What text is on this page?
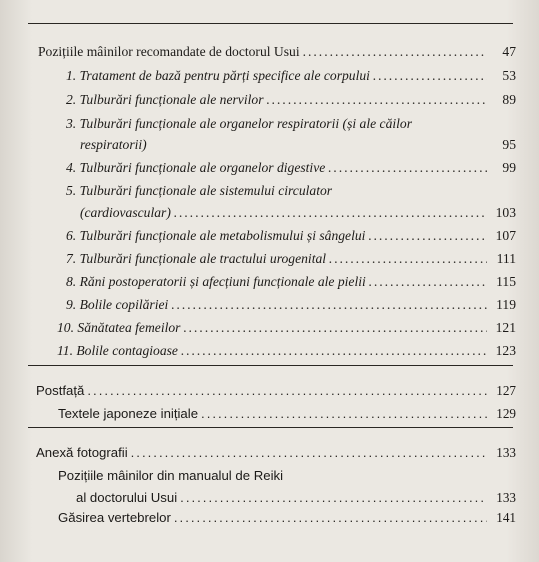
Pozițiile mâinilor recomandate de doctorul Usui .....	47
1. Tratament de bază pentru părți specifice ale corpului .....	53
2. Tulburări funcționale ale nervilor .....	89
3. Tulburări funcționale ale organelor respiratorii (și ale căilor
respiratorii)	95
4. Tulburări funcționale ale organelor digestive .....	99
5. Tulburări funcționale ale sistemului circulator
(cardiovascular) .....	103
6. Tulburări funcționale ale metabolismului și sângelui .....	107
7. Tulburări funcționale ale tractului urogenital .....	111
8. Răni postoperatorii și afecțiuni funcționale ale pielii .....	115
9. Bolile copilăriei .....	119
10. Sănătatea femeilor .....	121
11. Bolile contagioase .....	123
Postfață .....	127
Textele japoneze inițiale .....	129
Anexă fotografii .....	133
Pozițiile mâinilor din manualul de Reiki
al doctorului Usui .....	133
Găsirea vertebrelor .....	141
